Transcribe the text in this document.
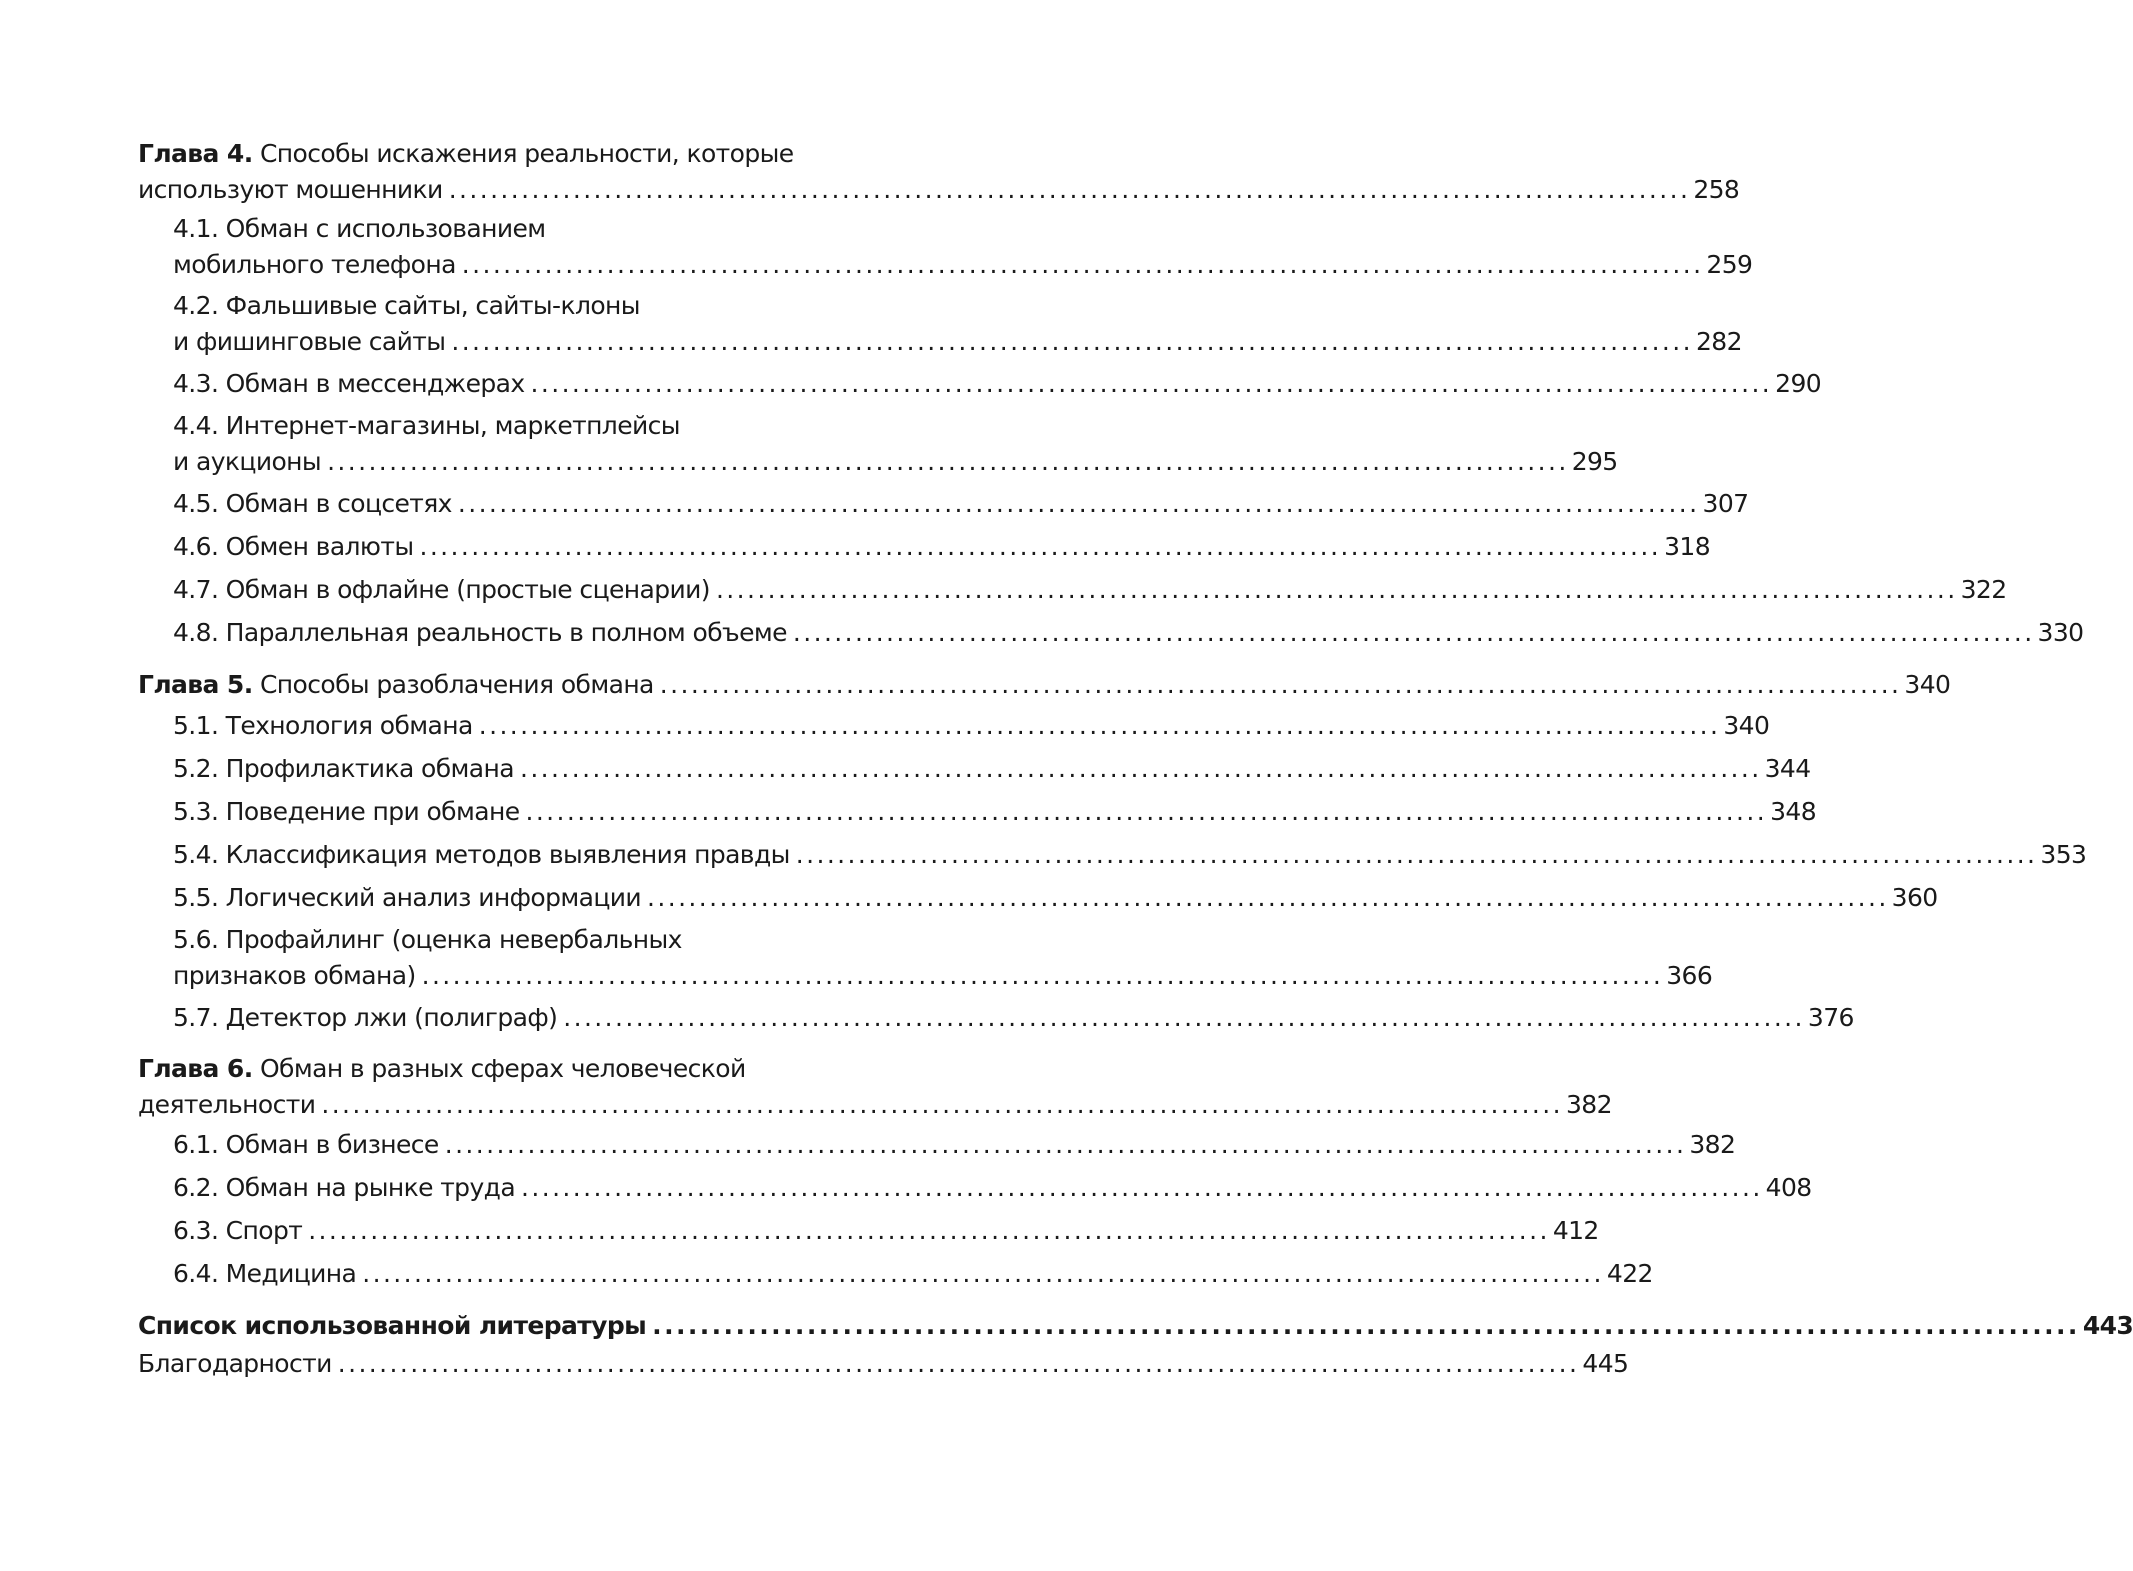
Глава 4. Способы искажения реальности, которые
используют мошенники ........................................................................................................................ 258
4.1. Обман с использованием
мобильного телефона ........................................................................................................................ 259
4.2. Фальшивые сайты, сайты-клоны
и фишинговые сайты ........................................................................................................................ 282
4.3. Обман в мессенджерах ........................................................................................................................ 290
4.4. Интернет-магазины, маркетплейсы
и аукционы ........................................................................................................................ 295
4.5. Обман в соцсетях ........................................................................................................................ 307
4.6. Обмен валюты ........................................................................................................................ 318
4.7. Обман в офлайне (простые сценарии) ........................................................................................................................ 322
4.8. Параллельная реальность в полном объеме ........................................................................................................................ 330
Глава 5. Способы разоблачения обмана ........................................................................................................................ 340
5.1. Технология обмана ........................................................................................................................ 340
5.2. Профилактика обмана ........................................................................................................................ 344
5.3. Поведение при обмане ........................................................................................................................ 348
5.4. Классификация методов выявления правды ........................................................................................................................ 353
5.5. Логический анализ информации ........................................................................................................................ 360
5.6. Профайлинг (оценка невербальных
признаков обмана) ........................................................................................................................ 366
5.7. Детектор лжи (полиграф) ........................................................................................................................ 376
Глава 6. Обман в разных сферах человеческой
деятельности ........................................................................................................................ 382
6.1. Обман в бизнесе ........................................................................................................................ 382
6.2. Обман на рынке труда ........................................................................................................................ 408
6.3. Спорт ........................................................................................................................ 412
6.4. Медицина ........................................................................................................................ 422
Список использованной литературы ........................................................................................................................ 443
Благодарности ........................................................................................................................ 445
